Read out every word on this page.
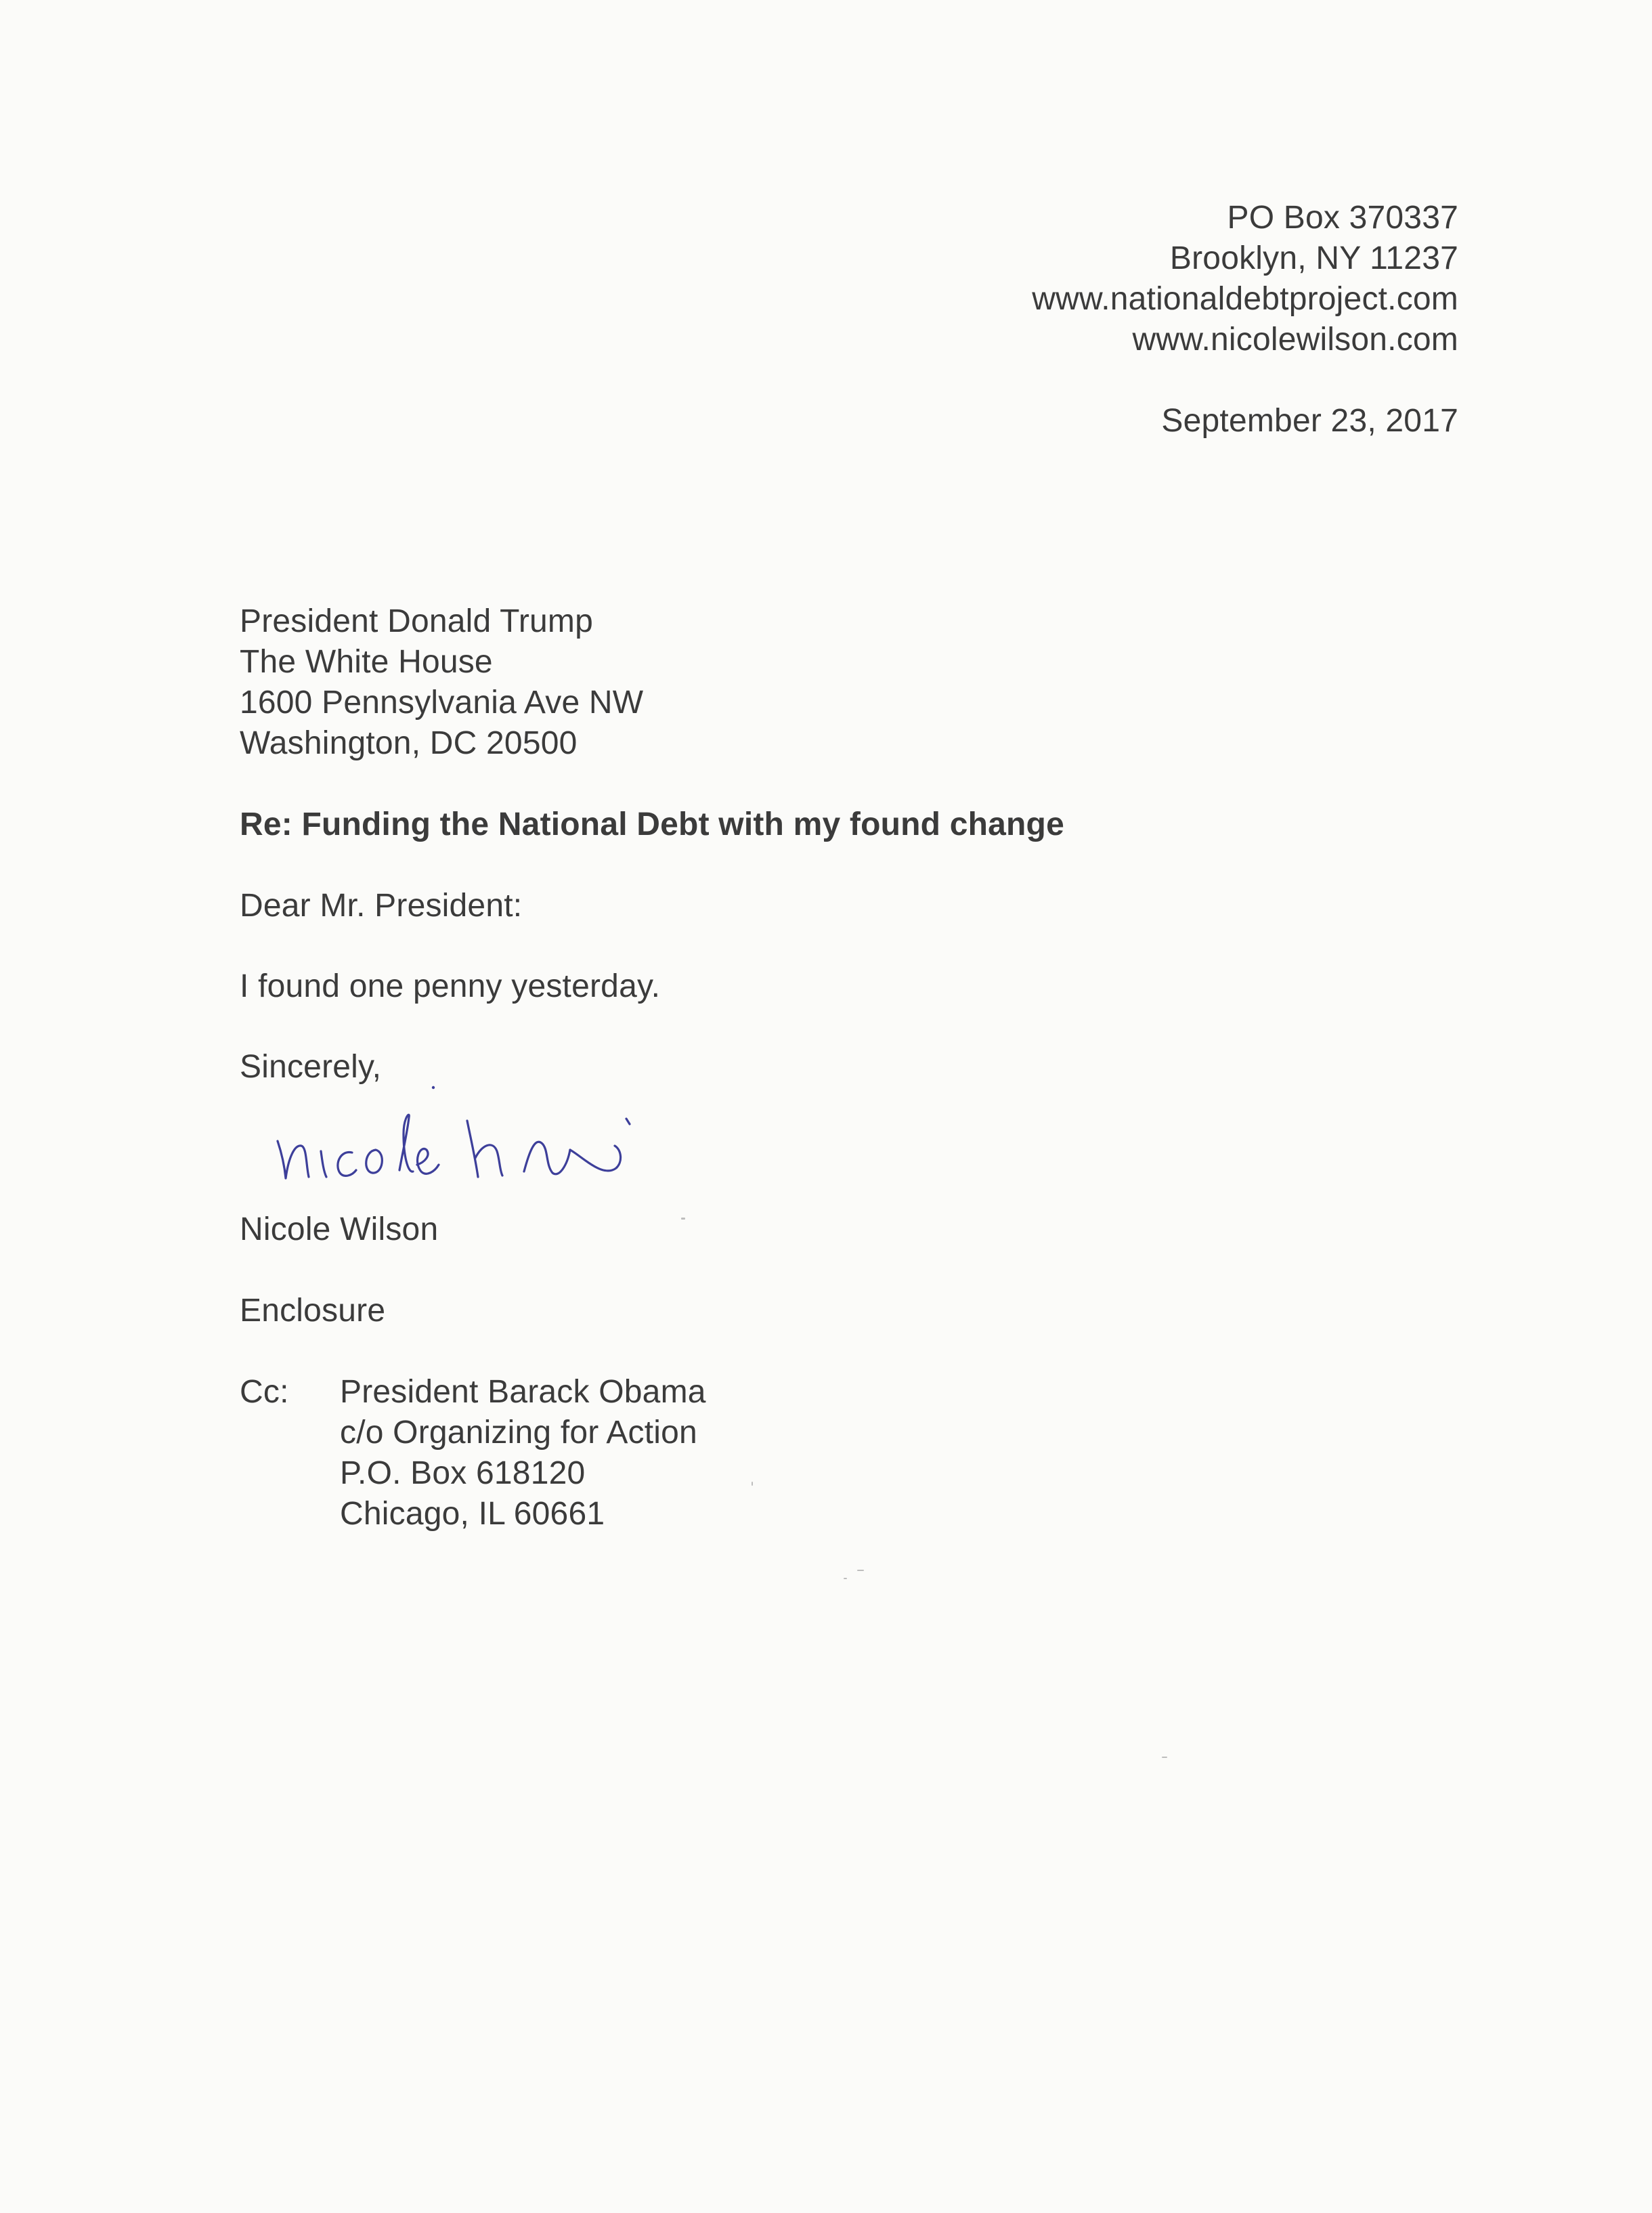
PO Box 370337
Brooklyn, NY 11237
www.nationaldebtproject.com
www.nicolewilson.com
September 23, 2017
President Donald Trump
The White House
1600 Pennsylvania Ave NW
Washington, DC 20500
Re: Funding the National Debt with my found change
Dear Mr. President:
I found one penny yesterday.
Sincerely,
Nicole Wilson
Enclosure
Cc: President Barack Obama
c/o Organizing for Action
P.O. Box 618120
Chicago, IL 60661
